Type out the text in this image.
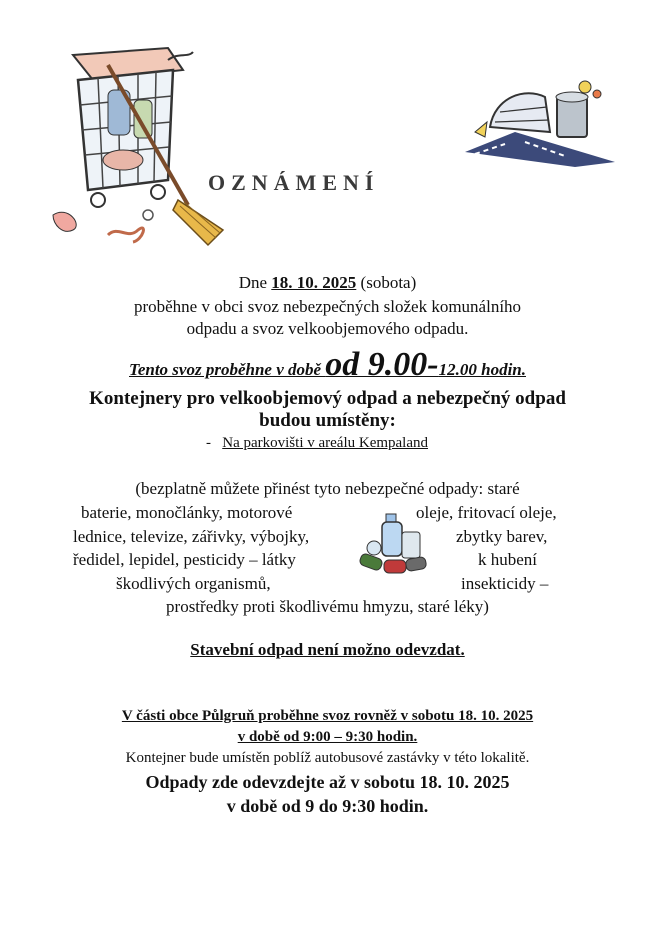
OZNÁMENÍ
Dne 18. 10. 2025 (sobota)
proběhne v obci svoz nebezpečných složek komunálního
odpadu a svoz velkoobjemového odpadu.
Tento svoz proběhne v době od 9.00-12.00 hodin.
Kontejnery pro velkoobjemový odpad a nebezpečný odpad
budou umístěny:
- Na parkovišti v areálu Kempaland
(bezplatně můžete přinést tyto nebezpečné odpady: staré
baterie, monočlánky, motorové	oleje, fritovací oleje,
lednice, televize, zářivky, výbojky,	zbytky barev,
ředidel, lepidel, pesticidy – látky	k hubení
škodlivých organismů,	insekticidy –
prostředky proti škodlivému hmyzu, staré léky)
Stavební odpad není možno odevzdat.
V části obce Půlgruň proběhne svoz rovněž v sobotu 18. 10. 2025
v době od 9:00 – 9:30 hodin.
Kontejner bude umístěn poblíž autobusové zastávky v této lokalitě.
Odpady zde odevzdejte až v sobotu 18. 10. 2025
v době od 9 do 9:30 hodin.
